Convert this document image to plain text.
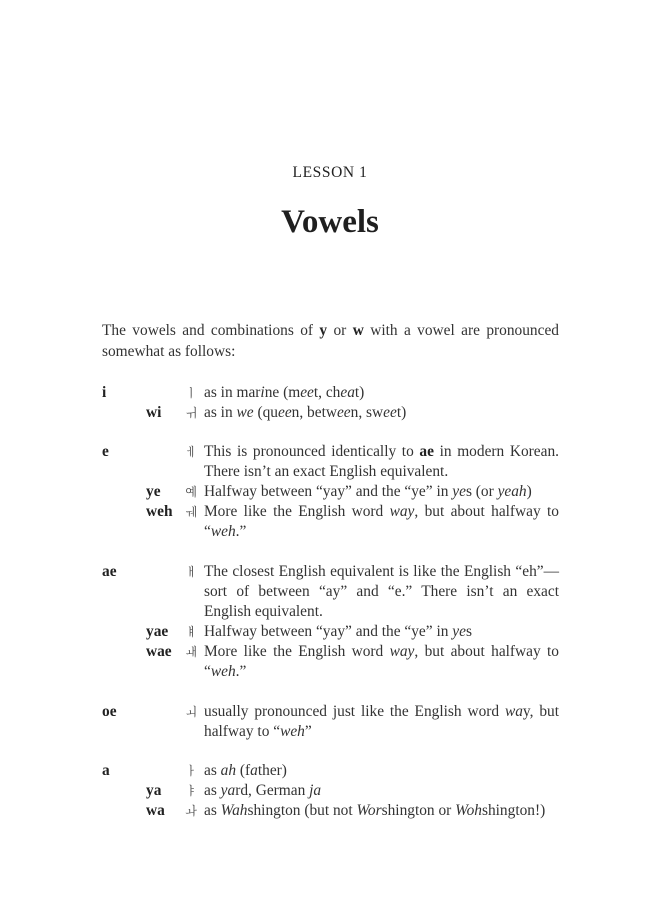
LESSON 1
Vowels

The vowels and combinations of y or w with a vowel are pronounced somewhat as follows:

i	ㅣ as in marine (meet, cheat)
wi	ㅟ as in we (queen, between, sweet)
e	ㅔ This is pronounced identically to ae in modern Korean. There isn’t an exact English equivalent.
ye	예 Halfway between “yay” and the “ye” in yes (or yeah)
weh	ㅞ More like the English word way, but about halfway to “weh.”
ae	ㅐ The closest English equivalent is like the English “eh”—sort of between “ay” and “e.” There isn’t an exact English equivalent.
yae	ㅒ Halfway between “yay” and the “ye” in yes
wae	ㅙ More like the English word way, but about halfway to “weh.”
oe	ㅚ usually pronounced just like the English word way, but halfway to “weh”
a	ㅏ as ah (father)
ya	ㅑ as yard, German ja
wa	ㅘ as Wahshington (but not Worshington or Wohshington!)
